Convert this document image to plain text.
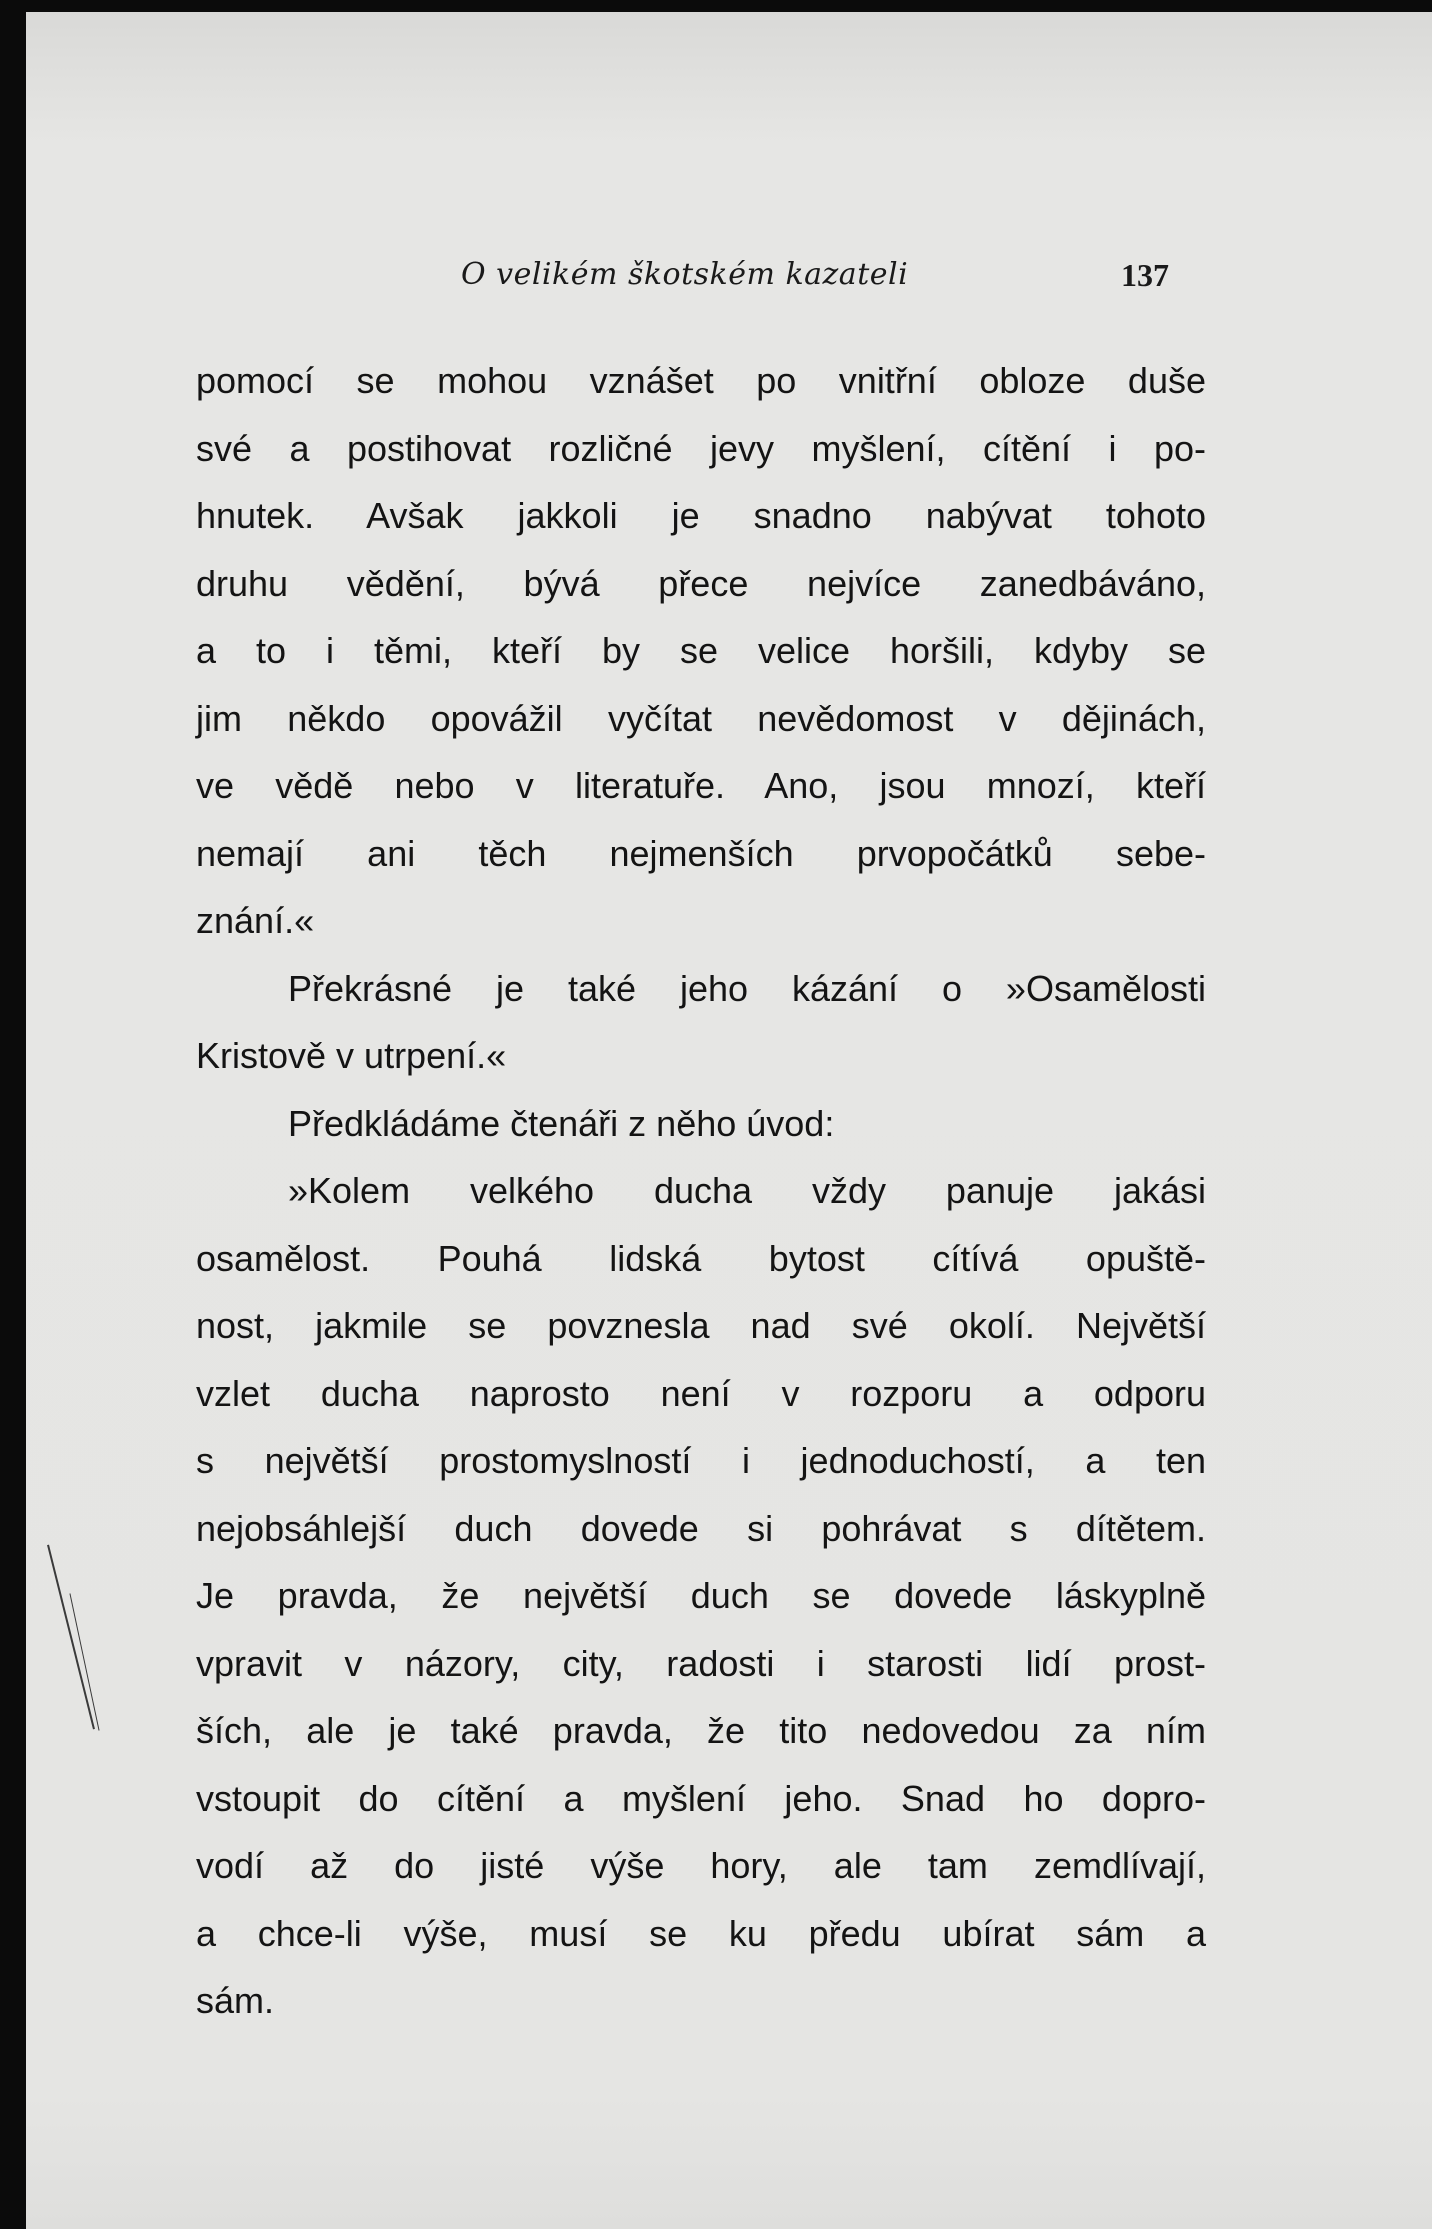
O velikém škotském kazateli	137
pomocí se mohou vznášet po vnitřní obloze duše
své a postihovat rozličné jevy myšlení, cítění i po-
hnutek. Avšak jakkoli je snadno nabývat tohoto
druhu vědění, bývá přece nejvíce zanedbáváno,
a to i těmi, kteří by se velice horšili, kdyby se
jim někdo opovážil vyčítat nevědomost v dějinách,
ve vědě nebo v literatuře. Ano, jsou mnozí, kteří
nemají ani těch nejmenších prvopočátků sebe-
znání.«
Překrásné je také jeho kázání o »Osamělosti
Kristově v utrpení.«
Předkládáme čtenáři z něho úvod:
»Kolem velkého ducha vždy panuje jakási
osamělost. Pouhá lidská bytost cítívá opuště-
nost, jakmile se povznesla nad své okolí. Největší
vzlet ducha naprosto není v rozporu a odporu
s největší prostomyslností i jednoduchostí, a ten
nejobsáhlejší duch dovede si pohrávat s dítětem.
Je pravda, že největší duch se dovede láskyplně
vpravit v názory, city, radosti i starosti lidí prost-
ších, ale je také pravda, že tito nedovedou za ním
vstoupit do cítění a myšlení jeho. Snad ho dopro-
vodí až do jisté výše hory, ale tam zemdlívají,
a chce-li výše, musí se ku předu ubírat sám a
sám.
